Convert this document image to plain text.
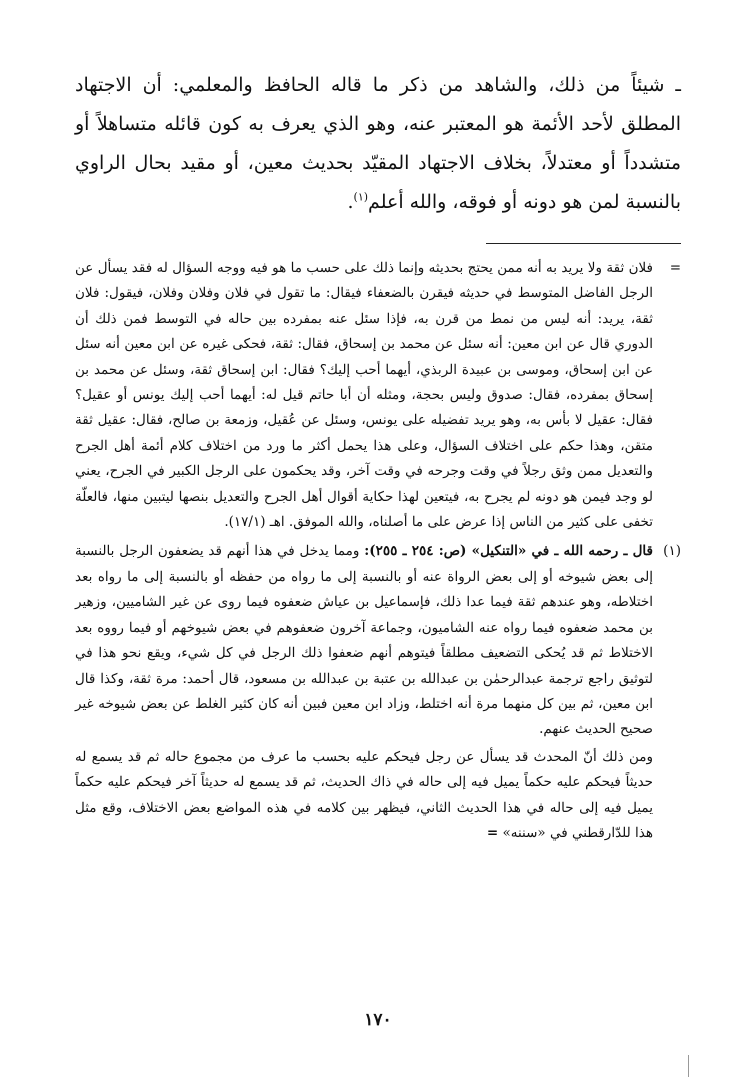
ـ شيئاً من ذلك، والشاهد من ذكر ما قاله الحافظ والمعلمي: أن الاجتهاد المطلق لأحد الأئمة هو المعتبر عنه، وهو الذي يعرف به كون قائله متساهلاً أو متشدداً أو معتدلاً، بخلاف الاجتهاد المقيّد بحديث معين، أو مقيد بحال الراوي بالنسبة لمن هو دونه أو فوقه، والله أعلم$^{(١)}$.

=
فلان ثقة ولا يريد به أنه ممن يحتج بحديثه وإنما ذلك على حسب ما هو فيه ووجه السؤال له فقد يسأل عن الرجل الفاضل المتوسط في حديثه فيقرن بالضعفاء فيقال: ما تقول في فلان وفلان وفلان، فيقول: فلان ثقة، يريد: أنه ليس من نمط من قرن به، فإذا سئل عنه بمفرده بين حاله في التوسط فمن ذلك أن الدوري قال عن ابن معين: أنه سئل عن محمد بن إسحاق، فقال: ثقة، فحكى غيره عن ابن معين أنه سئل عن ابن إسحاق، وموسى بن عبيدة الربذي، أيهما أحب إليك؟ فقال: ابن إسحاق ثقة، وسئل عن محمد بن إسحاق بمفرده، فقال: صدوق وليس بحجة، ومثله أن أبا حاتم قيل له: أيهما أحب إليك يونس أو عقيل؟ فقال: عقيل لا بأس به، وهو يريد تفضيله على يونس، وسئل عن عُقيل، وزمعة بن صالح، فقال: عقيل ثقة متقن، وهذا حكم على اختلاف السؤال، وعلى هذا يحمل أكثر ما ورد من اختلاف كلام أئمة أهل الجرح والتعديل ممن وثق رجلاً في وقت وجرحه في وقت آخر، وقد يحكمون على الرجل الكبير في الجرح، يعني لو وجد فيمن هو دونه لم يجرح به، فيتعين لهذا حكاية أقوال أهل الجرح والتعديل بنصها ليتبين منها، فالعلّة تخفى على كثير من الناس إذا عرض على ما أصلناه، والله الموفق. اهـ (١٧/١).

(١)
قال ـ رحمه الله ـ في «التنكيل» (ص: ٢٥٤ ـ ٢٥٥): ومما يدخل في هذا أنهم قد يضعفون الرجل بالنسبة إلى بعض شيوخه أو إلى بعض الرواة عنه أو بالنسبة إلى ما رواه من حفظه أو بالنسبة إلى ما رواه بعد اختلاطه، وهو عندهم ثقة فيما عدا ذلك، فإسماعيل بن عياش ضعفوه فيما روى عن غير الشاميين، وزهير بن محمد ضعفوه فيما رواه عنه الشاميون، وجماعة آخرون ضعفوهم في بعض شيوخهم أو فيما رووه بعد الاختلاط ثم قد يُحكى التضعيف مطلقاً فيتوهم أنهم ضعفوا ذلك الرجل في كل شيء، ويقع نحو هذا في لتوثيق راجع ترجمة عبدالرحمٰن بن عبدالله بن عتبة بن عبدالله بن مسعود، قال أحمد: مرة ثقة، وكذا قال ابن معين، ثم بين كل منهما مرة أنه اختلط، وزاد ابن معين فبين أنه كان كثير الغلط عن بعض شيوخه غير صحيح الحديث عنهم.

ومن ذلك أنّ المحدث قد يسأل عن رجل فيحكم عليه بحسب ما عرف من مجموع حاله ثم قد يسمع له حديثاً فيحكم عليه حكماً يميل فيه إلى حاله في ذاك الحديث، ثم قد يسمع له حديثاً آخر فيحكم عليه حكماً يميل فيه إلى حاله في هذا الحديث الثاني، فيظهر بين كلامه في هذه المواضع بعض الاختلاف، وقع مثل هذا للدّارقطني في «سننه» =

١٧٠
